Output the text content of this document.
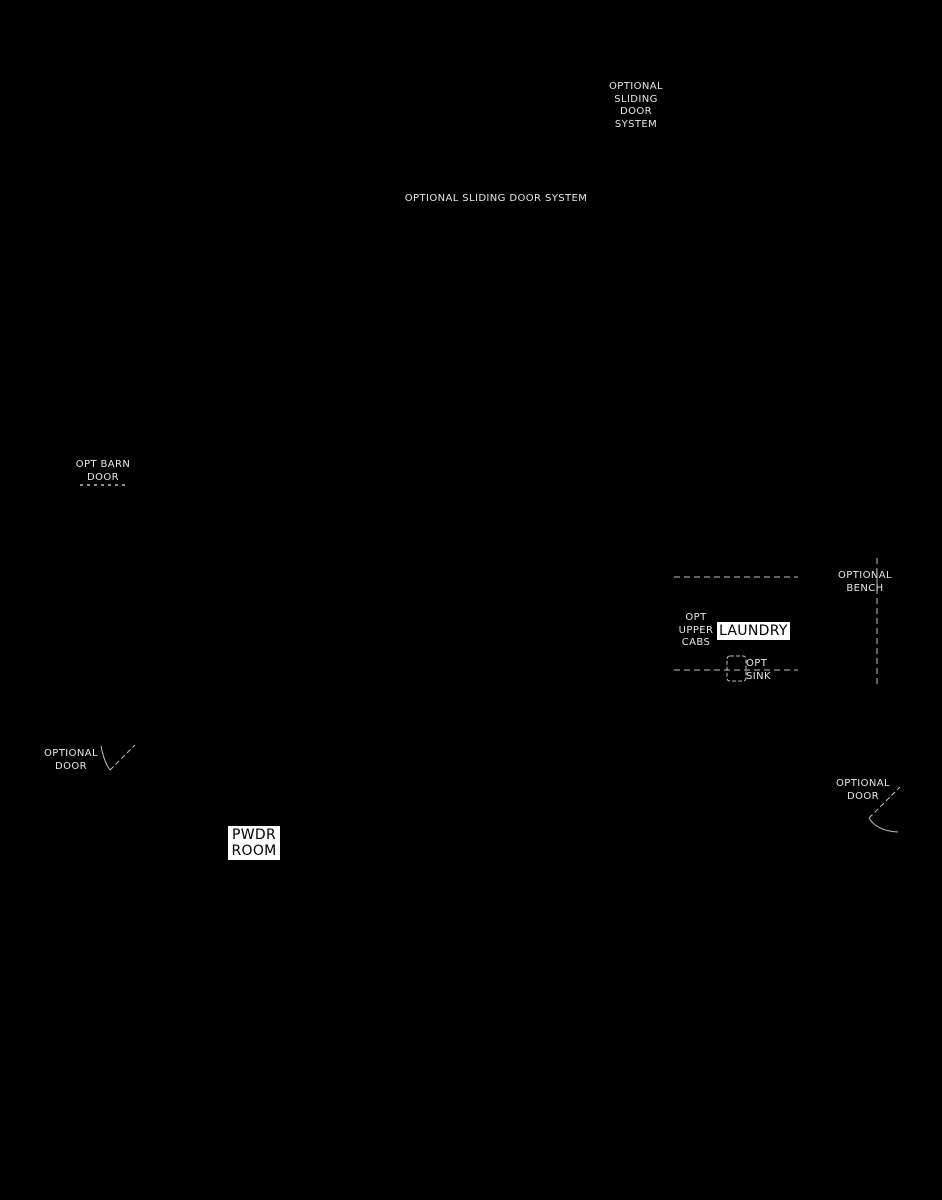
OPTIONAL
SLIDING
DOOR
SYSTEM
OPTIONAL SLIDING DOOR SYSTEM
OPT BARN
DOOR
OPTIONAL
BENCH
OPT
UPPER
CABS
LAUNDRY
OPT
SINK
OPTIONAL
DOOR
OPTIONAL
DOOR
PWDR
ROOM
